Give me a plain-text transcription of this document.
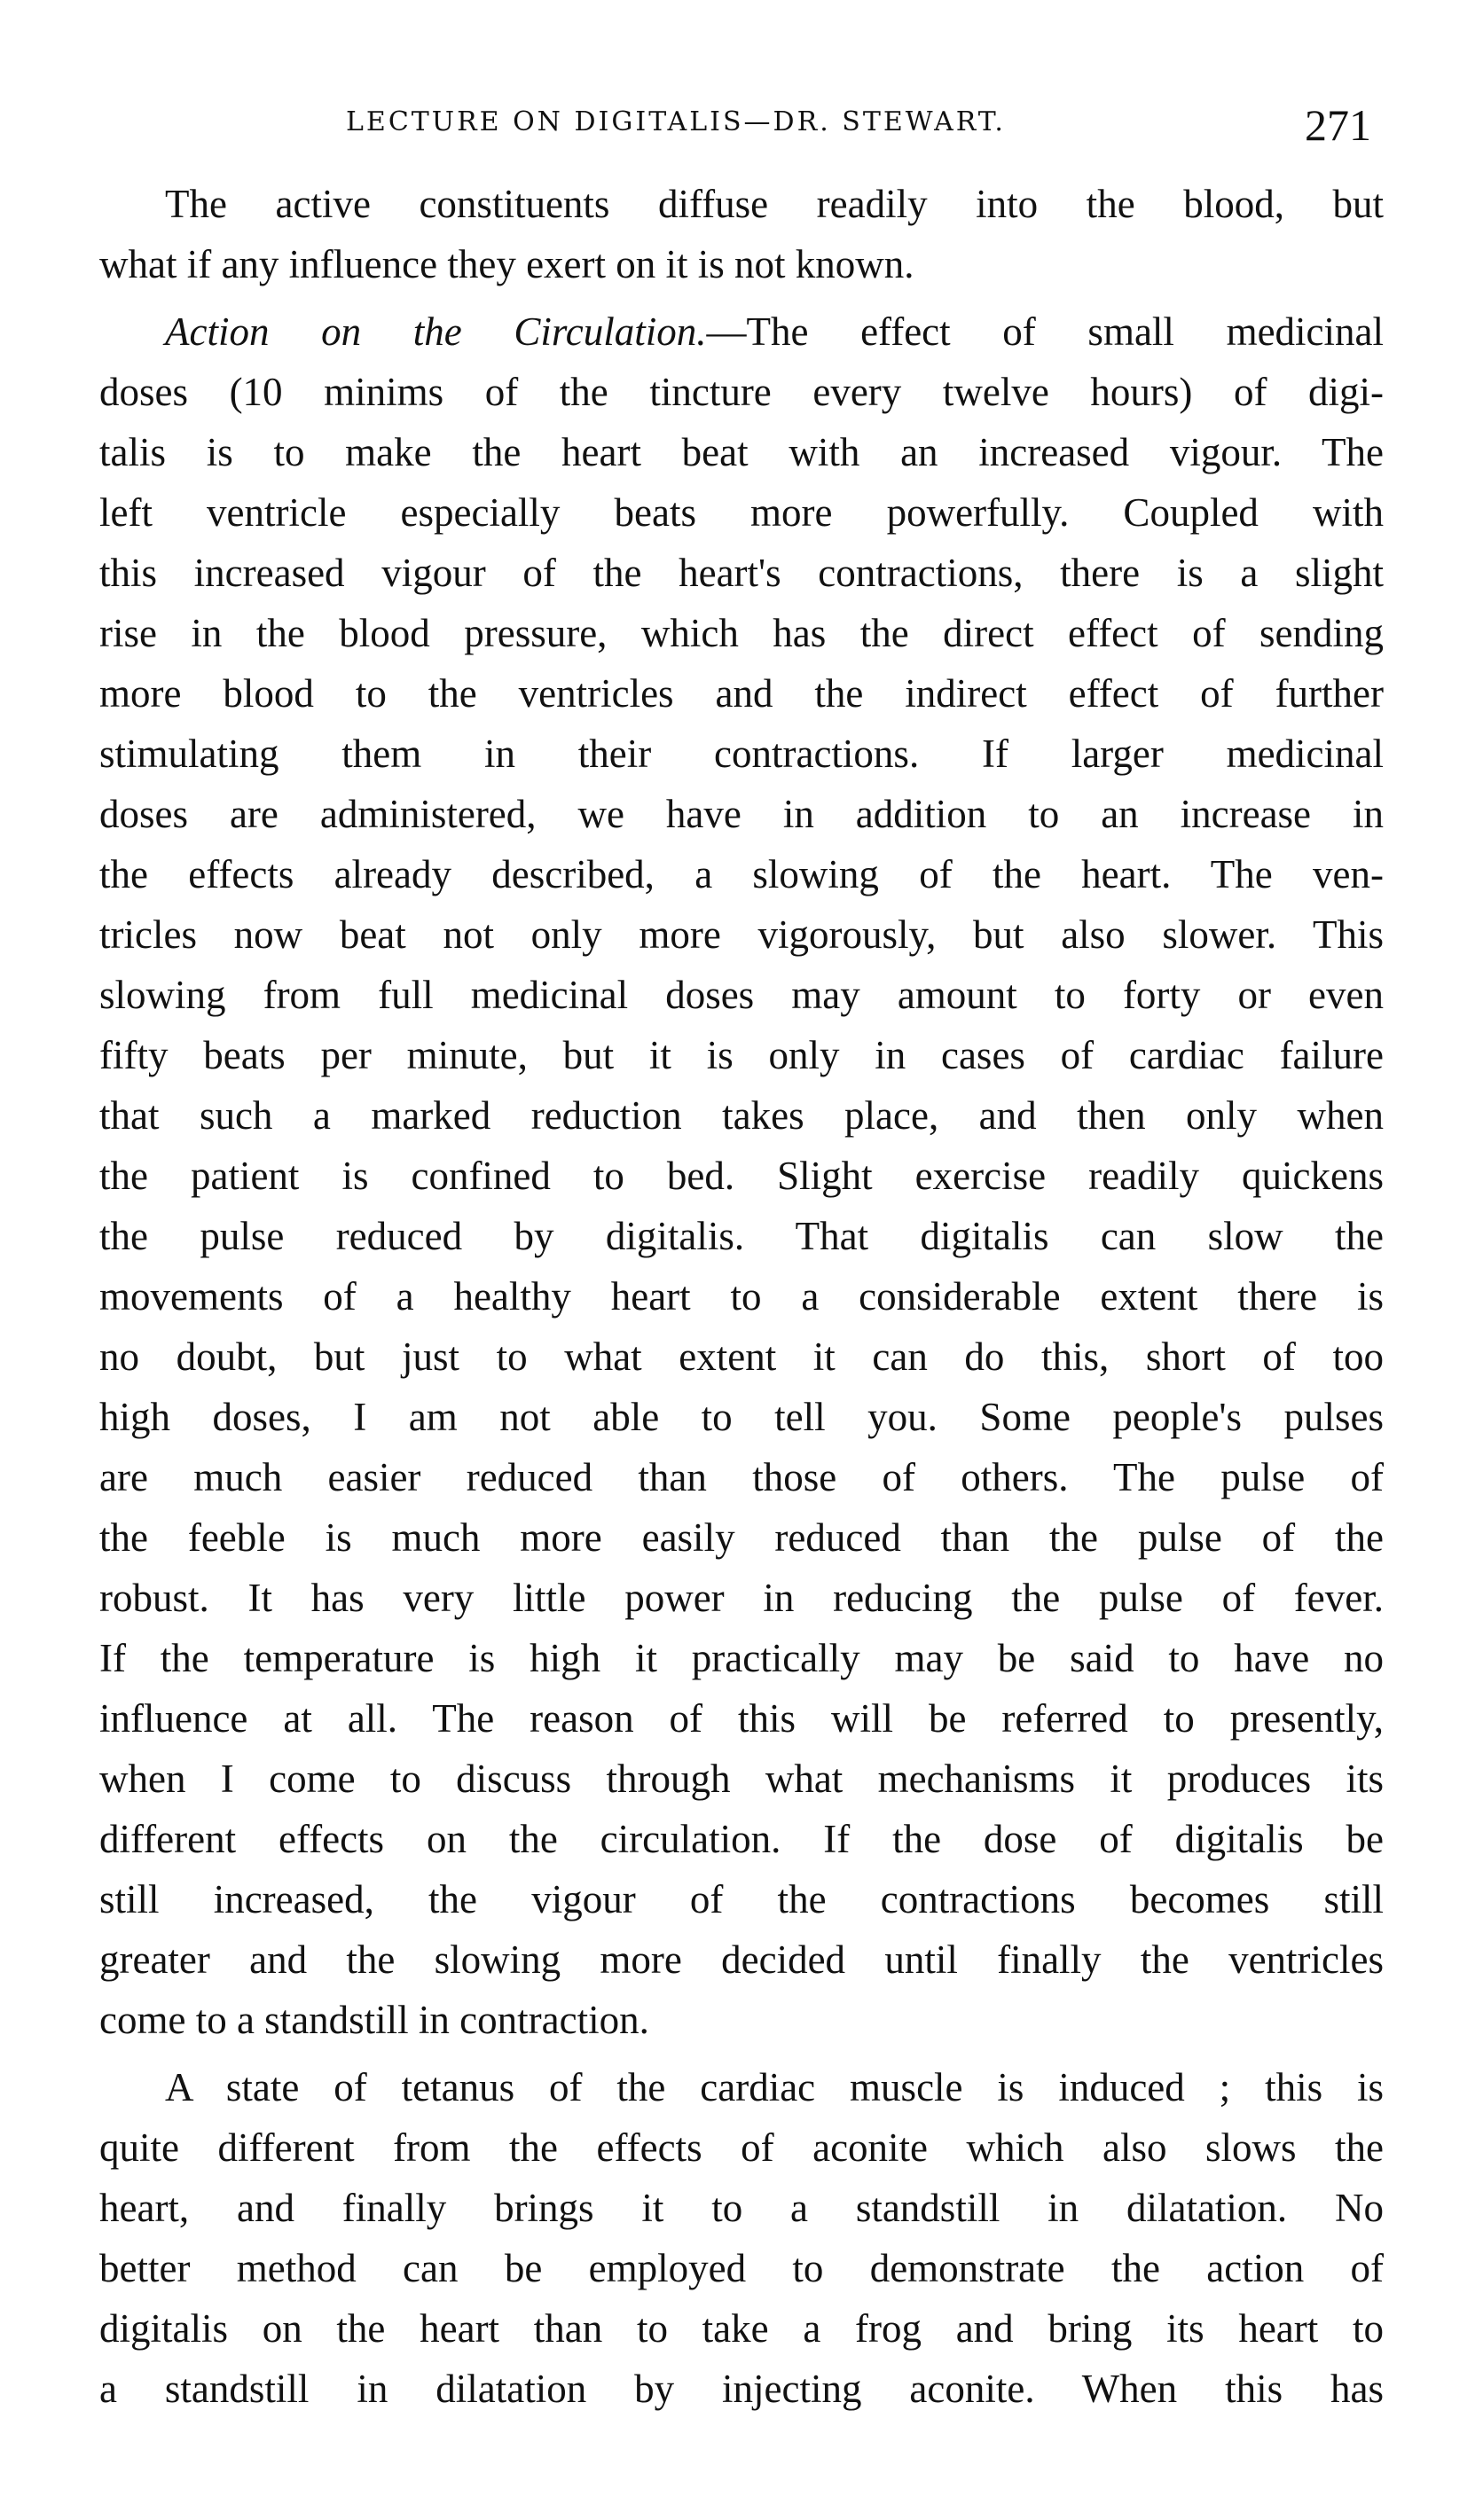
LECTURE ON DIGITALIS—DR. STEWART.	271

The active constituents diffuse readily into the blood, but
what if any influence they exert on it is not known.

Action on the Circulation.—The effect of small medicinal
doses (10 minims of the tincture every twelve hours) of digi-
talis is to make the heart beat with an increased vigour. The
left ventricle especially beats more powerfully. Coupled with
this increased vigour of the heart's contractions, there is a slight
rise in the blood pressure, which has the direct effect of sending
more blood to the ventricles and the indirect effect of further
stimulating them in their contractions. If larger medicinal
doses are administered, we have in addition to an increase in
the effects already described, a slowing of the heart. The ven-
tricles now beat not only more vigorously, but also slower. This
slowing from full medicinal doses may amount to forty or even
fifty beats per minute, but it is only in cases of cardiac failure
that such a marked reduction takes place, and then only when
the patient is confined to bed. Slight exercise readily quickens
the pulse reduced by digitalis. That digitalis can slow the
movements of a healthy heart to a considerable extent there is
no doubt, but just to what extent it can do this, short of too
high doses, I am not able to tell you. Some people's pulses
are much easier reduced than those of others. The pulse of
the feeble is much more easily reduced than the pulse of the
robust. It has very little power in reducing the pulse of fever.
If the temperature is high it practically may be said to have no
influence at all. The reason of this will be referred to presently,
when I come to discuss through what mechanisms it produces its
different effects on the circulation. If the dose of digitalis be
still increased, the vigour of the contractions becomes still
greater and the slowing more decided until finally the ventricles
come to a standstill in contraction.

A state of tetanus of the cardiac muscle is induced ; this is
quite different from the effects of aconite which also slows the
heart, and finally brings it to a standstill in dilatation. No
better method can be employed to demonstrate the action of
digitalis on the heart than to take a frog and bring its heart to
a standstill in dilatation by injecting aconite. When this has
